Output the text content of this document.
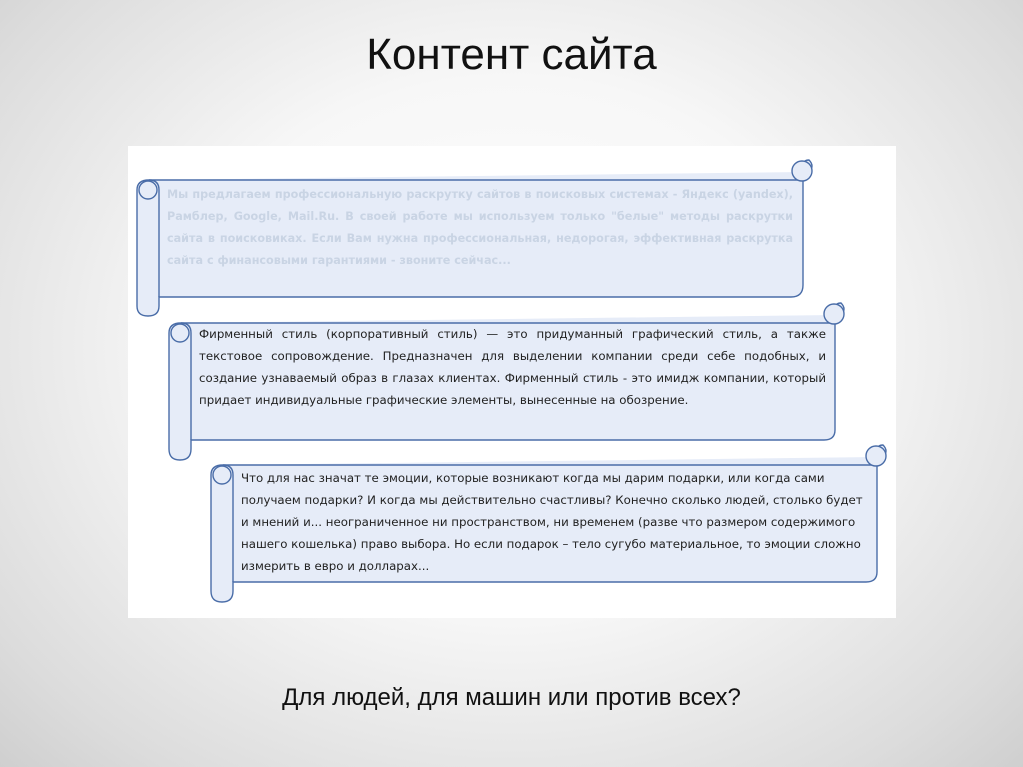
Контент сайта

Мы предлагаем профессиональную раскрутку сайтов в поисковых системах - Яндекс (yandex), Рамблер, Google, Mail.Ru. В своей работе мы используем только "белые" методы раскрутки сайта в поисковиках. Если Вам нужна профессиональная, недорогая, эффективная раскрутка сайта с финансовыми гарантиями - звоните сейчас...

Фирменный стиль (корпоративный стиль) — это придуманный графический стиль, а также текстовое сопровождение. Предназначен для выделении компании среди себе подобных, и создание узнаваемый образ в глазах клиентах. Фирменный стиль - это имидж компании, который придает индивидуальные графические элементы, вынесенные на обозрение.

Что для нас значат те эмоции, которые возникают когда мы дарим подарки, или когда сами получаем подарки? И когда мы действительно счастливы? Конечно сколько людей, столько будет и мнений и... неограниченное ни пространством, ни временем (разве что размером содержимого нашего кошелька) право выбора. Но если подарок – тело сугубо материальное, то эмоции сложно измерить в евро и долларах...

Для людей, для машин или против всех?
